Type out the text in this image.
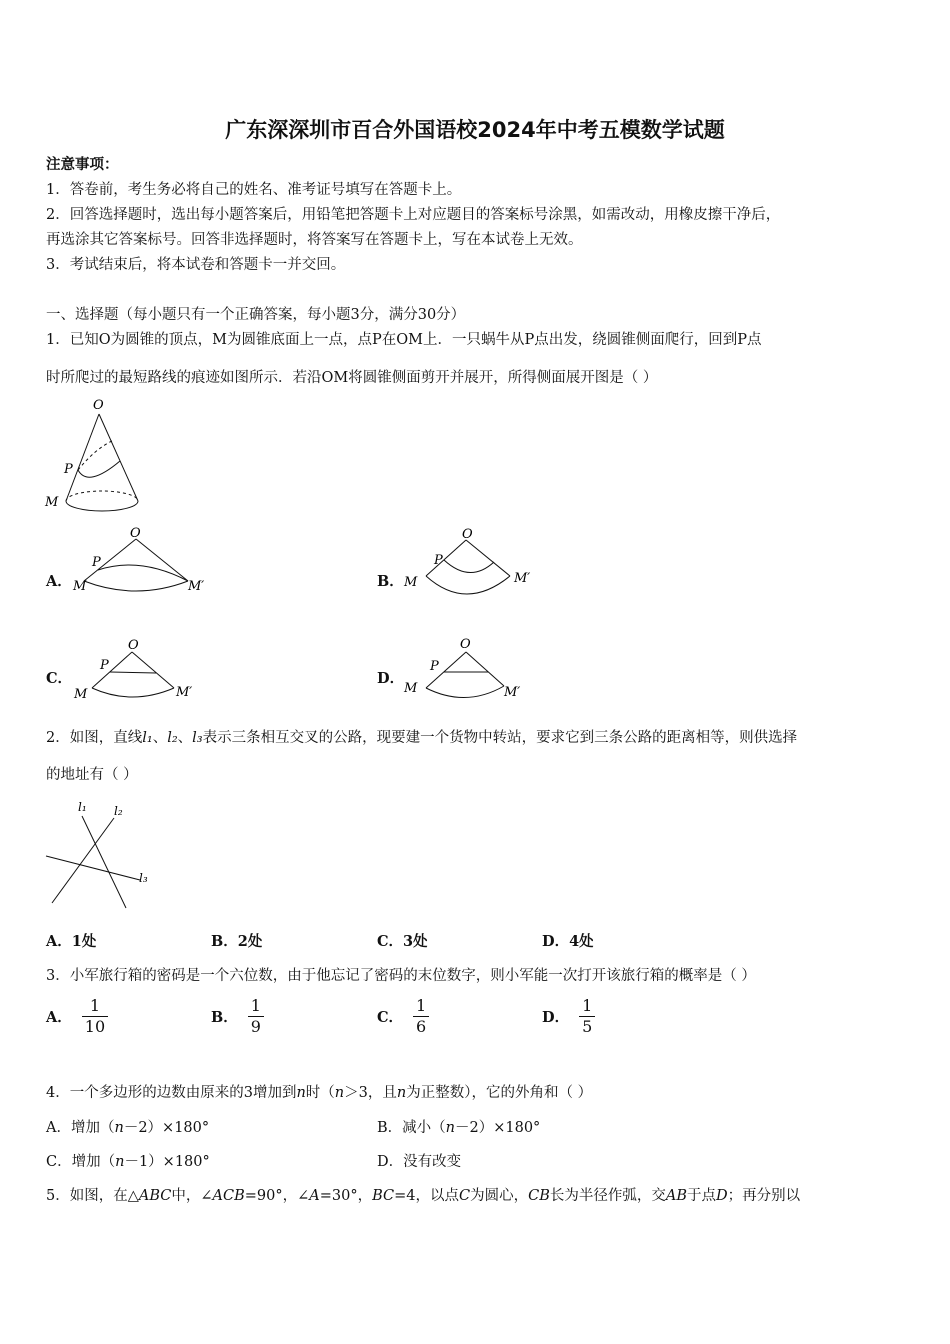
广东深深圳市百合外国语校2024年中考五模数学试题
注意事项：
1．答卷前，考生务必将自己的姓名、准考证号填写在答题卡上。
2．回答选择题时，选出每小题答案后，用铅笔把答题卡上对应题目的答案标号涂黑，如需改动，用橡皮擦干净后，
再选涂其它答案标号。回答非选择题时，将答案写在答题卡上，写在本试卷上无效。
3．考试结束后，将本试卷和答题卡一并交回。
一、选择题（每小题只有一个正确答案，每小题3分，满分30分）
1．已知O为圆锥的顶点，M为圆锥底面上一点，点P在OM上．一只蜗牛从P点出发，绕圆锥侧面爬行，回到P点
时所爬过的最短路线的痕迹如图所示．若沿OM将圆锥侧面剪开并展开，所得侧面展开图是（ ）
O
P
M
A．
O
P
M	M′	B．
O
P
M	M′
C．
O
P
M	M′
D．
O
P
M	M′
2．如图，直线l₁、l₂、l₃表示三条相互交叉的公路，现要建一个货物中转站，要求它到三条公路的距离相等，则供选择
的地址有（ ）
l₁ l₂
l₃
A．1处	B．2处	C．3处	D．4处
3．小军旅行箱的密码是一个六位数，由于他忘记了密码的末位数字，则小军能一次打开该旅行箱的概率是（ ）
A． $\frac{1}{10}$	B． $\frac{1}{9}$	C． $\frac{1}{6}$	D． $\frac{1}{5}$
4．一个多边形的边数由原来的3增加到n时（n＞3，且n为正整数），它的外角和（ ）
A．增加（n－2）×180°	B．减小（n－2）×180°
C．增加（n－1）×180°	D．没有改变
5．如图，在△ABC中，∠ACB=90°，∠A=30°，BC=4，以点C为圆心，CB长为半径作弧，交AB于点D；再分别以
